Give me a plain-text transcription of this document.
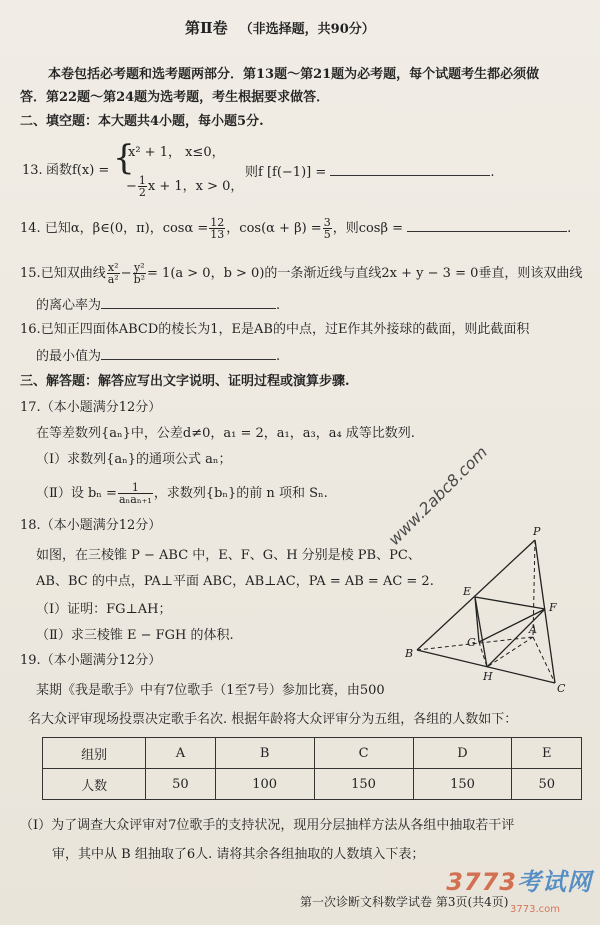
第Ⅱ卷 （非选择题，共90分）
本卷包括必考题和选考题两部分．第13题～第21题为必考题，每个试题考生都必须做
答．第22题～第24题为选考题，考生根据要求做答．
二、填空题：本大题共4小题，每小题5分.
13. 函数f(x) = {
x² + 1， x≤0，
− $\frac{1}{2}$ x + 1，x > 0，
则f [f(−1)] =	.
14. 已知α，β∈(0，π)，$\cos\alpha = \frac{12}{13}$ ，$\cos(\alpha + \beta) = \frac{3}{5}$ ，则cosβ =	.
15.已知双曲线 $\frac{\text{x²}}{\text{a²}} - \frac{\text{y²}}{\text{b²}} = 1(a > 0$，b > 0)的一条渐近线与直线2x + y − 3 = 0垂直，则该双曲线
的离心率为	.
16.已知正四面体ABCD的棱长为1，E是AB的中点，过E作其外接球的截面，则此截面积
的最小值为	.
三、解答题：解答应写出文字说明、证明过程或演算步骤.
17.（本小题满分12分）
在等差数列{aₙ}中，公差d≠0，a₁ = 2，a₁，a₃，a₄ 成等比数列.
（Ⅰ）求数列{aₙ}的通项公式 aₙ；
（Ⅱ）设 $b_n = \frac{1}{\text{aₙaₙ₊₁}}$ ，求数列{bₙ}的前 n 项和 Sₙ.
18.（本小题满分12分）
如图，在三棱锥 P − ABC 中，E、F、G、H 分别是棱 PB、PC、
AB、BC 的中点，PA⊥平面 ABC，AB⊥AC，PA = AB = AC = 2.
（Ⅰ）证明：FG⊥AH；
（Ⅱ）求三棱锥 E − FGH 的体积.
P
E
F
G
A
B
H
C
19.（本小题满分12分）
某期《我是歌手》中有7位歌手（1至7号）参加比赛，由500
名大众评审现场投票决定歌手名次. 根据年龄将大众评审分为五组，各组的人数如下：
组别	A	B	C	D	E
人数	50	100	150	150	50
（Ⅰ）为了调查大众评审对7位歌手的支持状况，现用分层抽样方法从各组中抽取若干评
审，其中从 B 组抽取了6人. 请将其余各组抽取的人数填入下表；
第一次诊断文科数学试卷 第3页(共4页)
www.2abc8.com
3773考试网
3773.com
